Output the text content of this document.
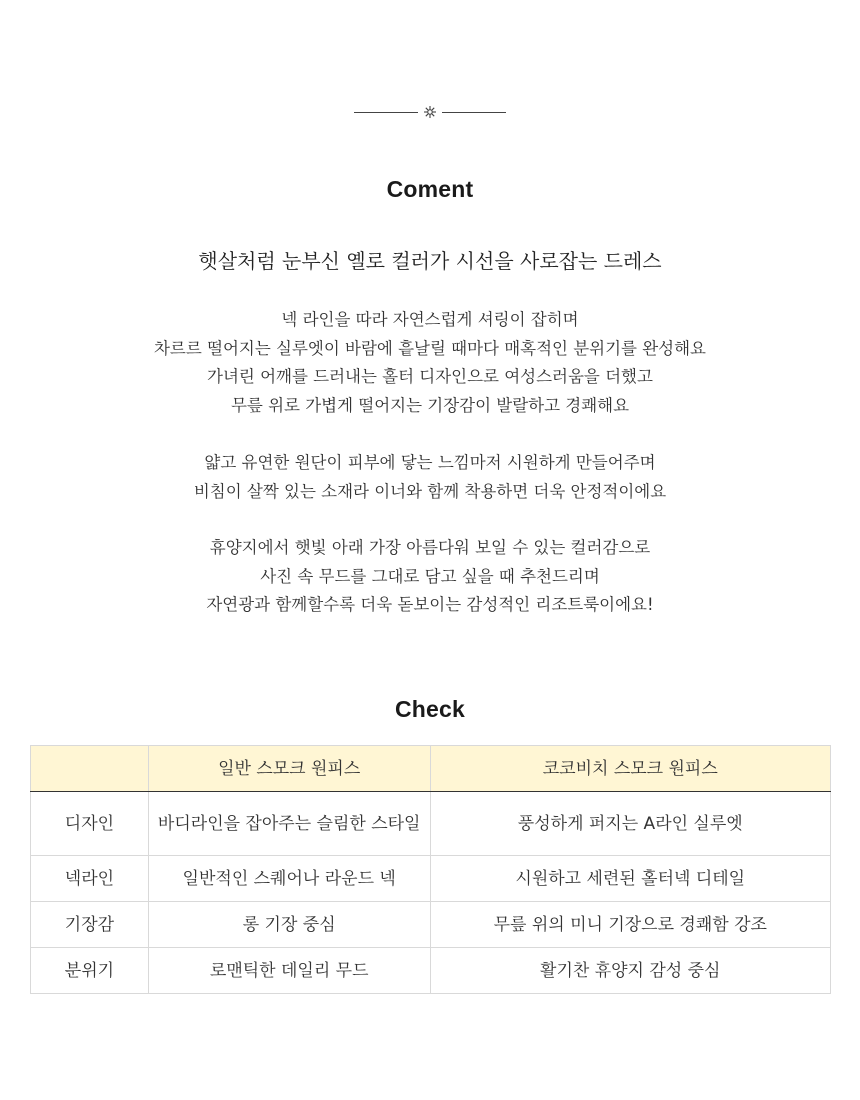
Coment
햇살처럼 눈부신 옐로 컬러가 시선을 사로잡는 드레스
넥 라인을 따라 자연스럽게 셔링이 잡히며
차르르 떨어지는 실루엣이 바람에 흩날릴 때마다 매혹적인 분위기를 완성해요
가녀린 어깨를 드러내는 홀터 디자인으로 여성스러움을 더했고
무릎 위로 가볍게 떨어지는 기장감이 발랄하고 경쾌해요
얇고 유연한 원단이 피부에 닿는 느낌마저 시원하게 만들어주며
비침이 살짝 있는 소재라 이너와 함께 착용하면 더욱 안정적이에요
휴양지에서 햇빛 아래 가장 아름다워 보일 수 있는 컬러감으로
사진 속 무드를 그대로 담고 싶을 때 추천드리며
자연광과 함께할수록 더욱 돋보이는 감성적인 리조트룩이에요!
Check
	일반 스모크 원피스	코코비치 스모크 원피스
디자인	바디라인을 잡아주는 슬림한 스타일	풍성하게 퍼지는 A라인 실루엣
넥라인	일반적인 스퀘어나 라운드 넥	시원하고 세련된 홀터넥 디테일
기장감	롱 기장 중심	무릎 위의 미니 기장으로 경쾌함 강조
분위기	로맨틱한 데일리 무드	활기찬 휴양지 감성 중심
